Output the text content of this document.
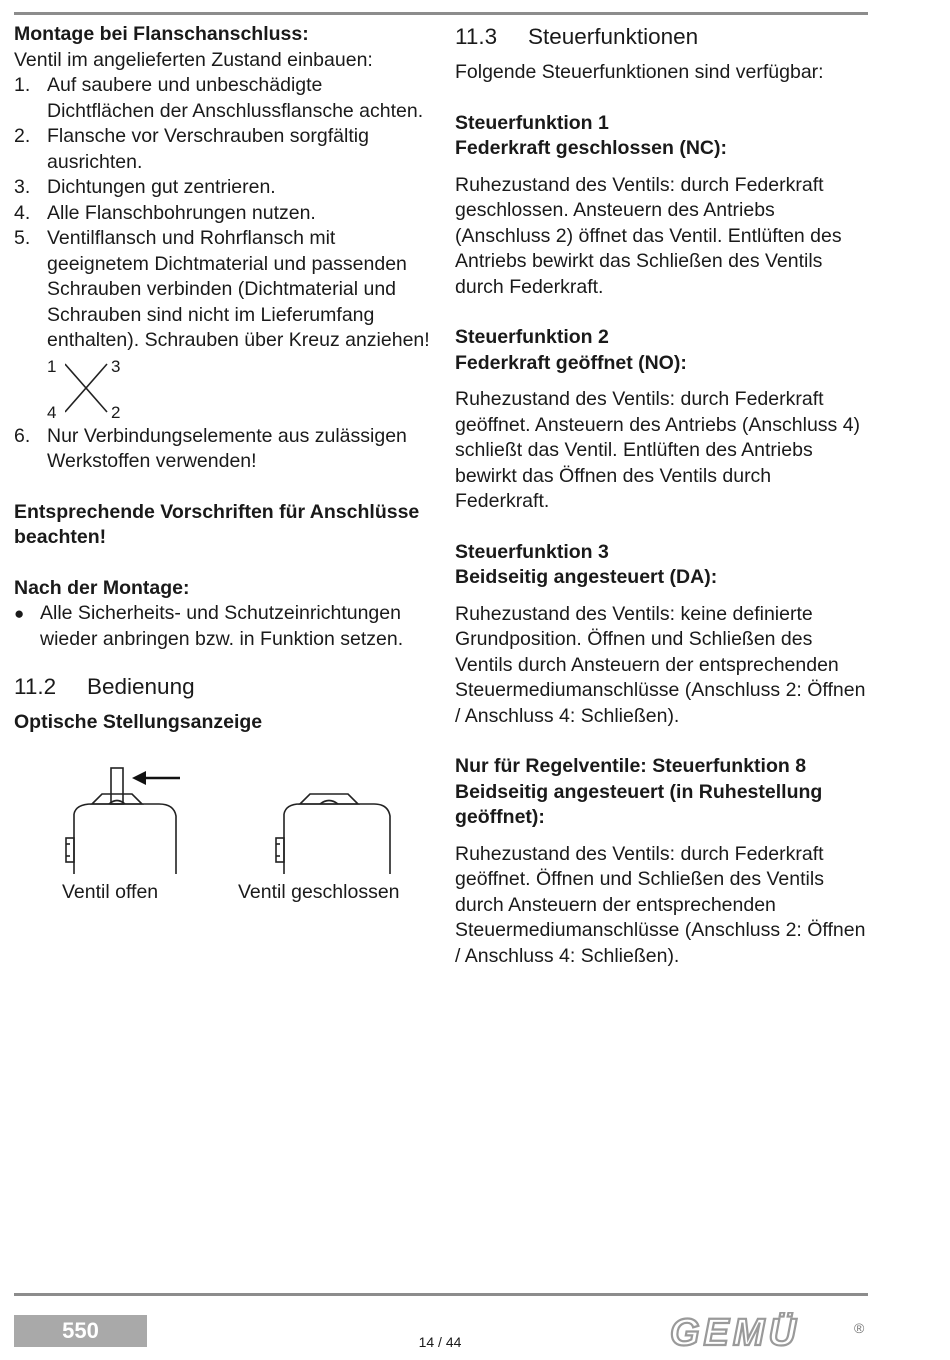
Montage bei Flanschanschluss:

Ventil im angelieferten Zustand einbauen:

1. Auf saubere und unbeschädigte Dichtflächen der Anschlussflansche achten.
2. Flansche vor Verschrauben sorgfältig ausrichten.
3. Dichtungen gut zentrieren.
4. Alle Flanschbohrungen nutzen.
5. Ventilflansch und Rohrflansch mit geeignetem Dichtmaterial und passenden Schrauben verbinden (Dichtmaterial und Schrauben sind nicht im Lieferumfang enthalten). Schrauben über Kreuz anziehen!
1	3
4	2
6. Nur Verbindungselemente aus zulässigen Werkstoffen verwenden!

Entsprechende Vorschriften für Anschlüsse beachten!

Nach der Montage:

● Alle Sicherheits- und Schutzeinrichtungen wieder anbringen bzw. in Funktion setzen.
11.2 Bedienung

Optische Stellungsanzeige

Ventil offen	Ventil geschlossen
11.3 Steuerfunktionen

Folgende Steuerfunktionen sind verfügbar:

Steuerfunktion 1

Federkraft geschlossen (NC):

Ruhezustand des Ventils: durch Federkraft geschlossen. Ansteuern des Antriebs (Anschluss 2) öffnet das Ventil. Entlüften des Antriebs bewirkt das Schließen des Ventils durch Federkraft.

Steuerfunktion 2

Federkraft geöffnet (NO):

Ruhezustand des Ventils: durch Federkraft geöffnet. Ansteuern des Antriebs (Anschluss 4) schließt das Ventil. Entlüften des Antriebs bewirkt das Öffnen des Ventils durch Federkraft.

Steuerfunktion 3

Beidseitig angesteuert (DA):

Ruhezustand des Ventils: keine definierte Grundposition. Öffnen und Schließen des Ventils durch Ansteuern der entsprechenden Steuermediumanschlüsse (Anschluss 2: Öffnen / Anschluss 4: Schließen).

Nur für Regelventile: Steuerfunktion 8

Beidseitig angesteuert (in Ruhestellung geöffnet):

Ruhezustand des Ventils: durch Federkraft geöffnet. Öffnen und Schließen des Ventils durch Ansteuern der entsprechenden Steuermediumanschlüsse (Anschluss 2: Öffnen / Anschluss 4: Schließen).

550	14 / 44	GEMÜ	®
